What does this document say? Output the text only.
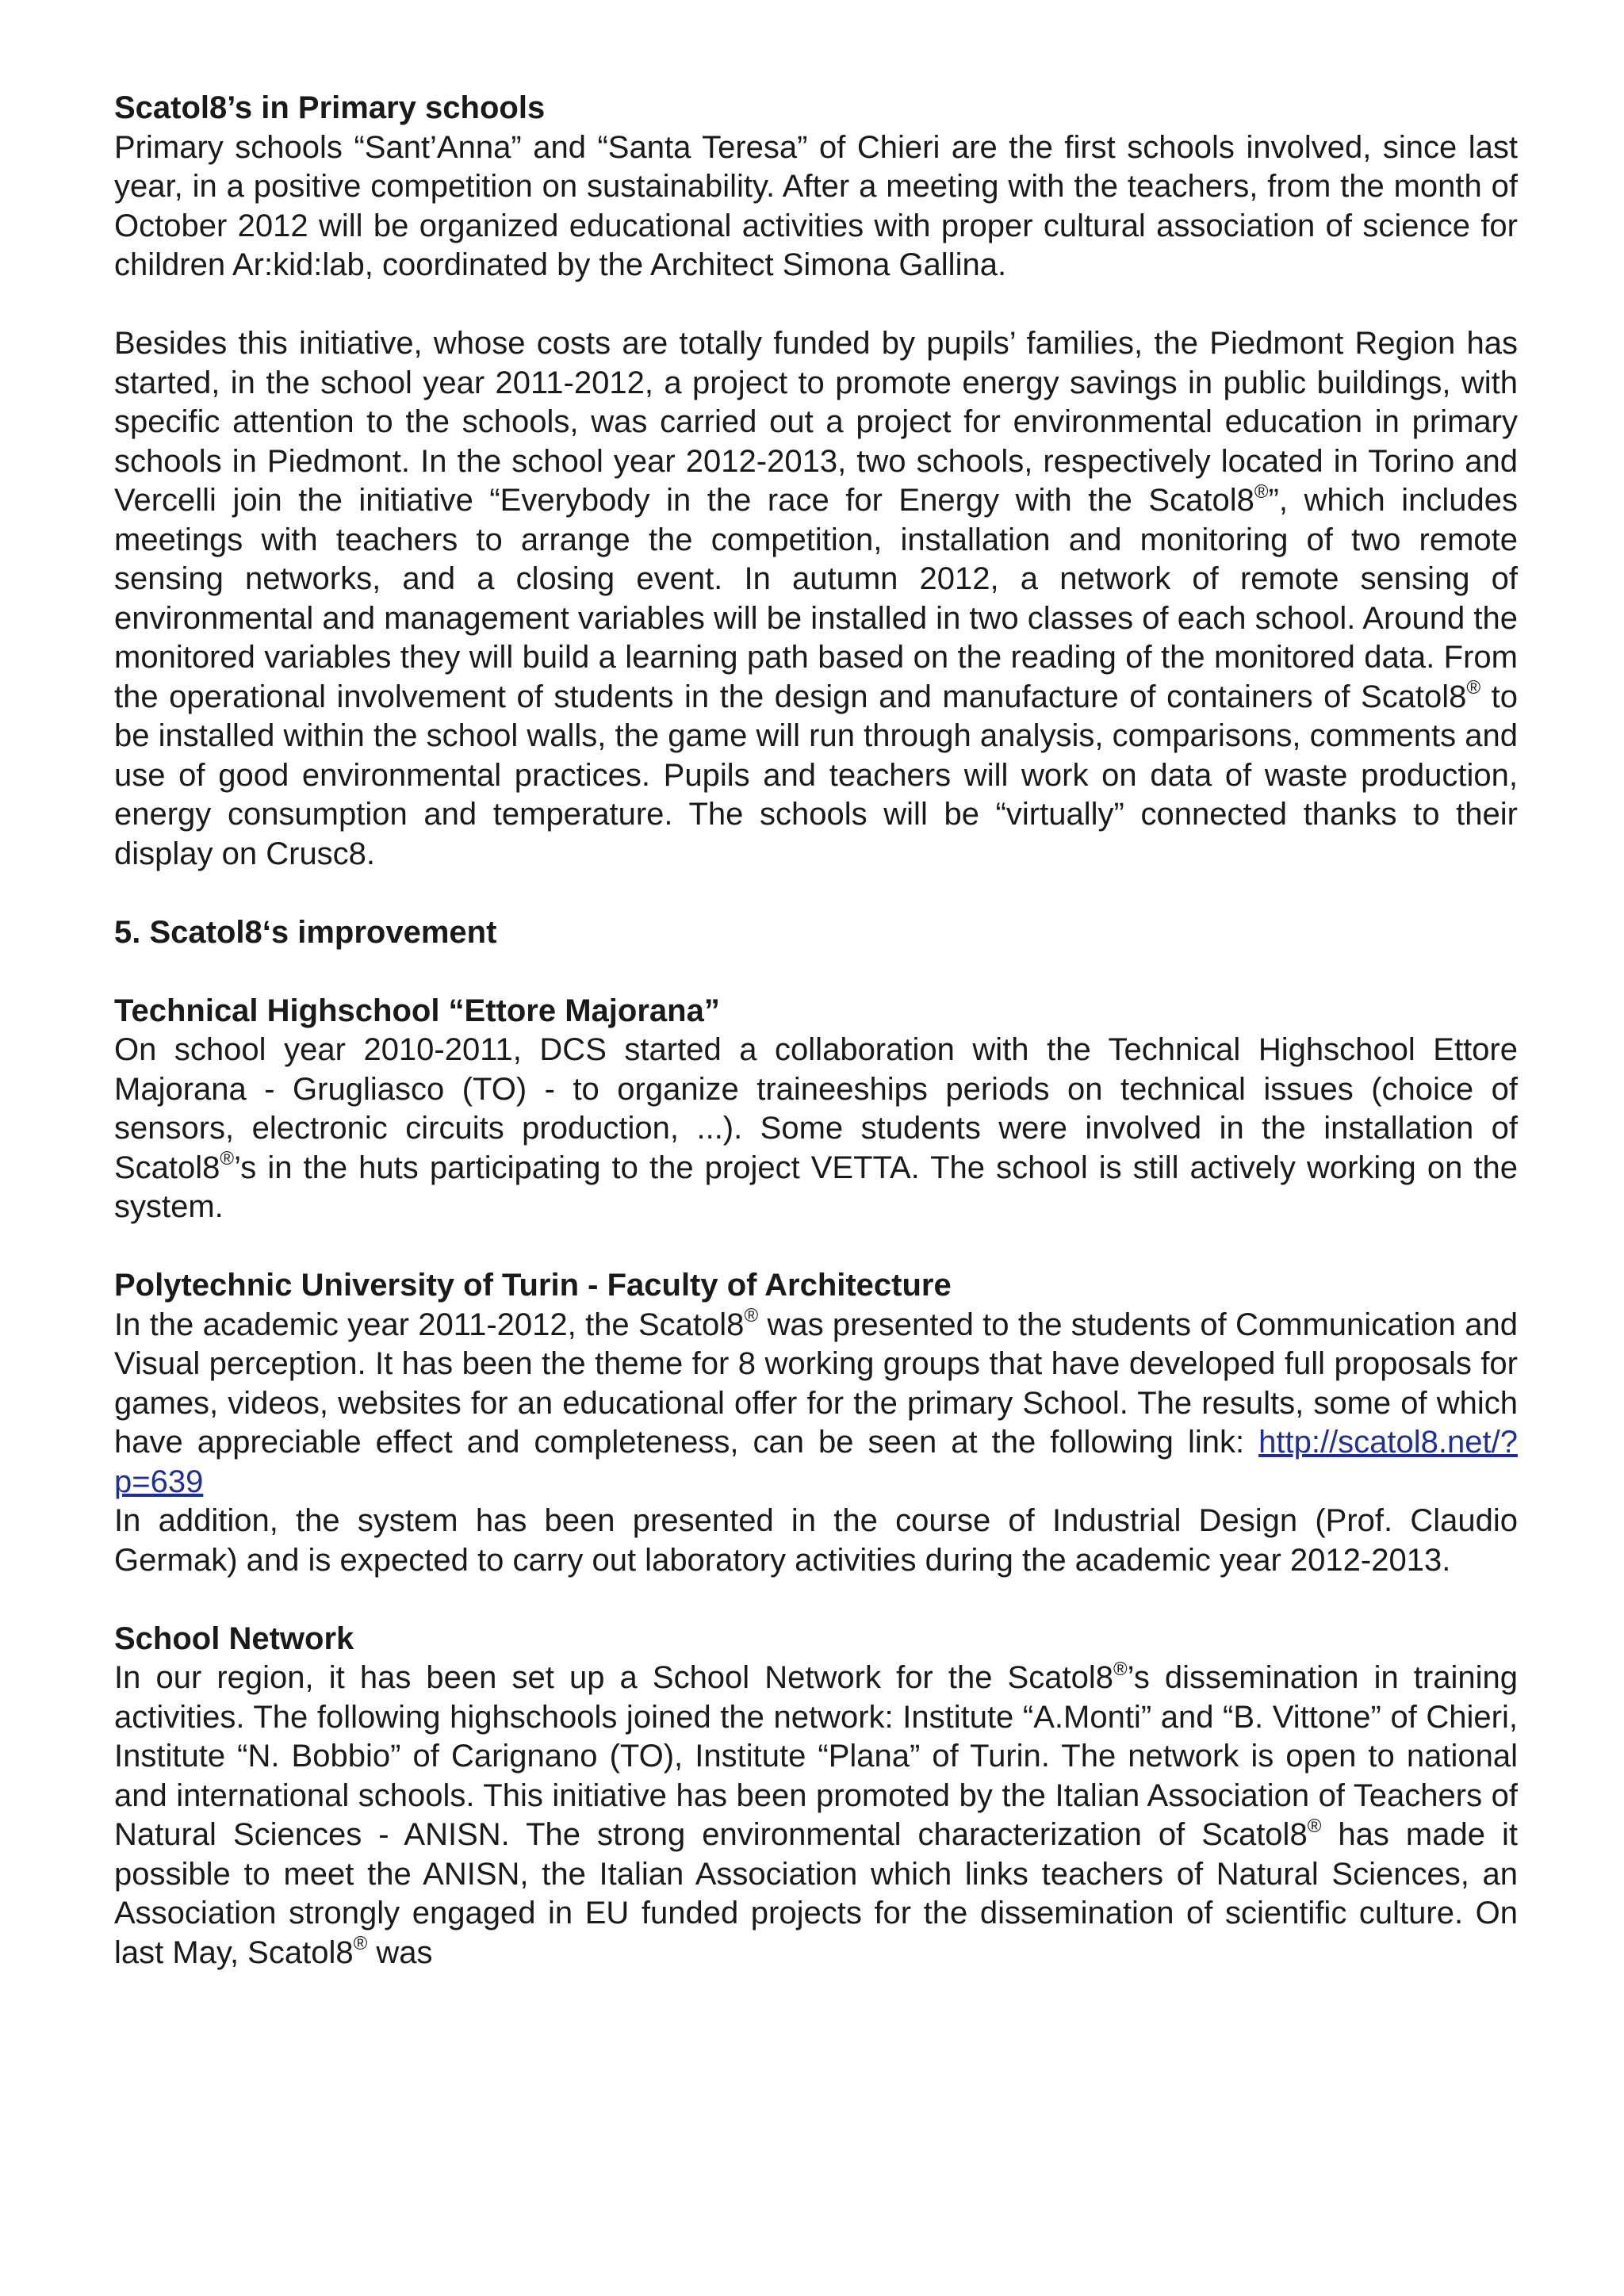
Scatol8’s in Primary schools

Primary schools “Sant’Anna” and “Santa Teresa” of Chieri are the first schools involved, since last year, in a positive competition on sustainability. After a meeting with the teachers, from the month of October 2012 will be organized educational activities with proper cultural association of science for children Ar:kid:lab, coordinated by the Architect Simona Gallina.

Besides this initiative, whose costs are totally funded by pupils’ families, the Piedmont Region has started, in the school year 2011-2012, a project to promote energy savings in public buildings, with specific attention to the schools, was carried out a project for environmental education in primary schools in Piedmont. In the school year 2012-2013, two schools, respectively located in Torino and Vercelli join the initiative “Everybody in the race for Energy with the Scatol8®”, which includes meetings with teachers to arrange the competition, installation and monitoring of two remote sensing networks, and a closing event. In autumn 2012, a network of remote sensing of environmental and management variables will be installed in two classes of each school. Around the monitored variables they will build a learning path based on the reading of the monitored data. From the operational involvement of students in the design and manufacture of containers of Scatol8® to be installed within the school walls, the game will run through analysis, comparisons, comments and use of good environmental practices. Pupils and teachers will work on data of waste production, energy consumption and temperature. The schools will be “virtually” connected thanks to their display on Crusc8.

5. Scatol8‘s improvement

Technical Highschool “Ettore Majorana”

On school year 2010-2011, DCS started a collaboration with the Technical Highschool Ettore Majorana - Grugliasco (TO) - to organize traineeships periods on technical issues (choice of sensors, electronic circuits production, ...). Some students were involved in the installation of Scatol8®’s in the huts participating to the project VETTA. The school is still actively working on the system.

Polytechnic University of Turin - Faculty of Architecture

In the academic year 2011-2012, the Scatol8® was presented to the students of Communication and Visual perception. It has been the theme for 8 working groups that have developed full proposals for games, videos, websites for an educational offer for the primary School. The results, some of which have appreciable effect and completeness, can be seen at the following link: http://scatol8.net/?p=639

In addition, the system has been presented in the course of Industrial Design (Prof. Claudio Germak) and is expected to carry out laboratory activities during the academic year 2012-2013.

School Network

In our region, it has been set up a School Network for the Scatol8®’s dissemination in training activities. The following highschools joined the network: Institute “A.Monti” and “B. Vittone” of Chieri, Institute “N. Bobbio” of Carignano (TO), Institute “Plana” of Turin. The network is open to national and international schools. This initiative has been promoted by the Italian Association of Teachers of Natural Sciences - ANISN. The strong environmental characterization of Scatol8® has made it possible to meet the ANISN, the Italian Association which links teachers of Natural Sciences, an Association strongly engaged in EU funded projects for the dissemination of scientific culture. On last May, Scatol8® was
